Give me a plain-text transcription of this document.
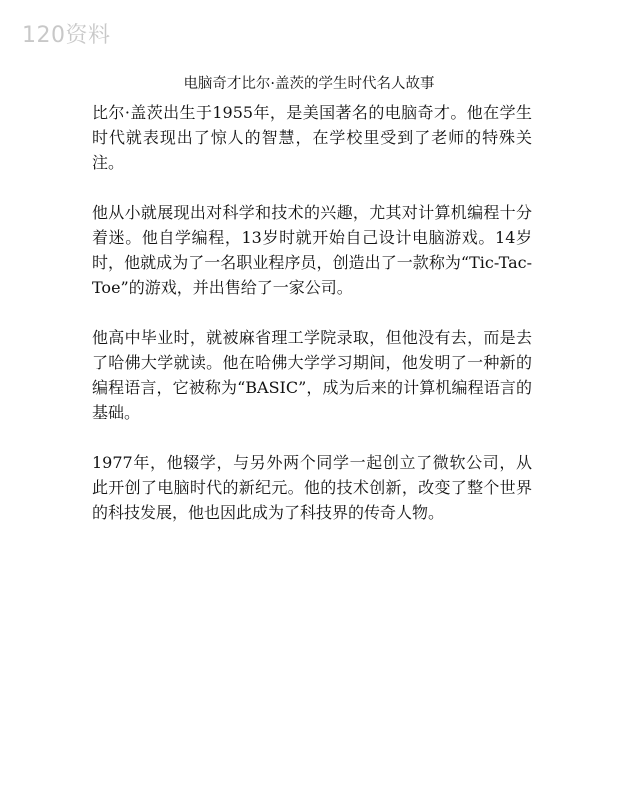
120资料
电脑奇才比尔·盖茨的学生时代名人故事

比尔·盖茨出生于1955年，是美国著名的电脑奇才。他在学生时代就表现出了惊人的智慧，在学校里受到了老师的特殊关注。

他从小就展现出对科学和技术的兴趣，尤其对计算机编程十分着迷。他自学编程，13岁时就开始自己设计电脑游戏。14岁时，他就成为了一名职业程序员，创造出了一款称为“Tic-Tac-Toe”的游戏，并出售给了一家公司。

他高中毕业时，就被麻省理工学院录取，但他没有去，而是去了哈佛大学就读。他在哈佛大学学习期间，他发明了一种新的编程语言，它被称为“BASIC”，成为后来的计算机编程语言的基础。

1977年，他辍学，与另外两个同学一起创立了微软公司，从此开创了电脑时代的新纪元。他的技术创新，改变了整个世界的科技发展，他也因此成为了科技界的传奇人物。
